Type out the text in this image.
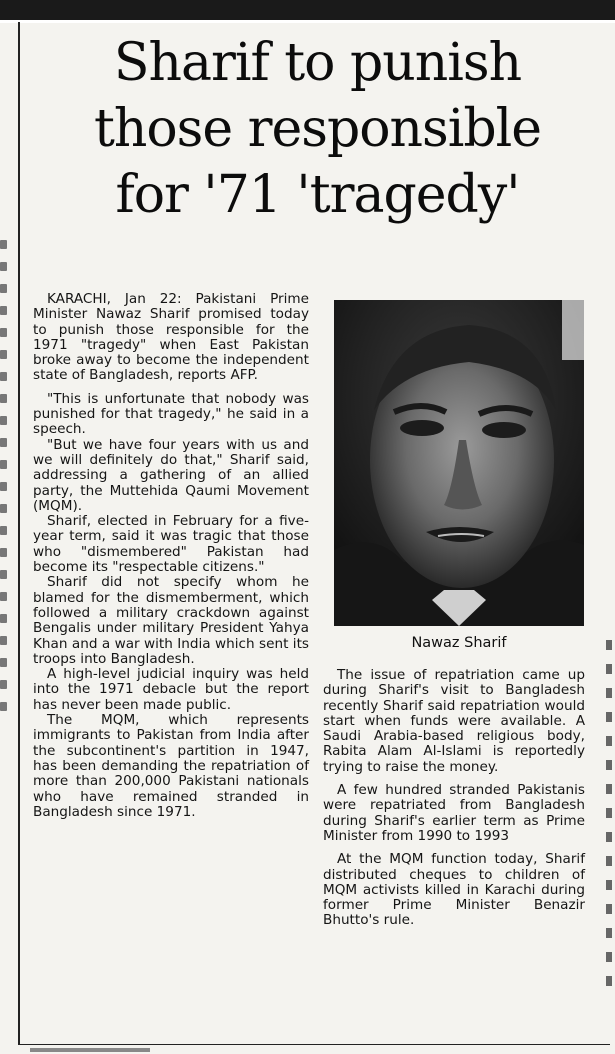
Sharif to punish
those responsible
for '71 'tragedy'

KARACHI, Jan 22: Pakistani Prime Minister Nawaz Sharif promised today to punish those responsible for the 1971 "tragedy" when East Pakistan broke away to become the independent state of Bangladesh, reports AFP.

"This is unfortunate that nobody was punished for that tragedy," he said in a speech.

"But we have four years with us and we will definitely do that," Sharif said, addressing a gathering of an allied party, the Muttehida Qaumi Movement (MQM).

Sharif, elected in February for a five-year term, said it was tragic that those who "dismembered" Pakistan had become its "respectable citizens."

Sharif did not specify whom he blamed for the dismemberment, which followed a military crackdown against Bengalis under military President Yahya Khan and a war with India which sent its troops into Bangladesh.

A high-level judicial inquiry was held into the 1971 debacle but the report has never been made public.

The MQM, which represents immigrants to Pakistan from India after the subcontinent's partition in 1947, has been demanding the repatriation of more than 200,000 Pakistani nationals who have remained stranded in Bangladesh since 1971.

Nawaz Sharif

The issue of repatriation came up during Sharif's visit to Bangladesh recently Sharif said repatriation would start when funds were available. A Saudi Arabia-based religious body, Rabita Alam Al-Islami is reportedly trying to raise the money.

A few hundred stranded Pakistanis were repatriated from Bangladesh during Sharif's earlier term as Prime Minister from 1990 to 1993

At the MQM function today, Sharif distributed cheques to children of MQM activists killed in Karachi during former Prime Minister Benazir Bhutto's rule.
